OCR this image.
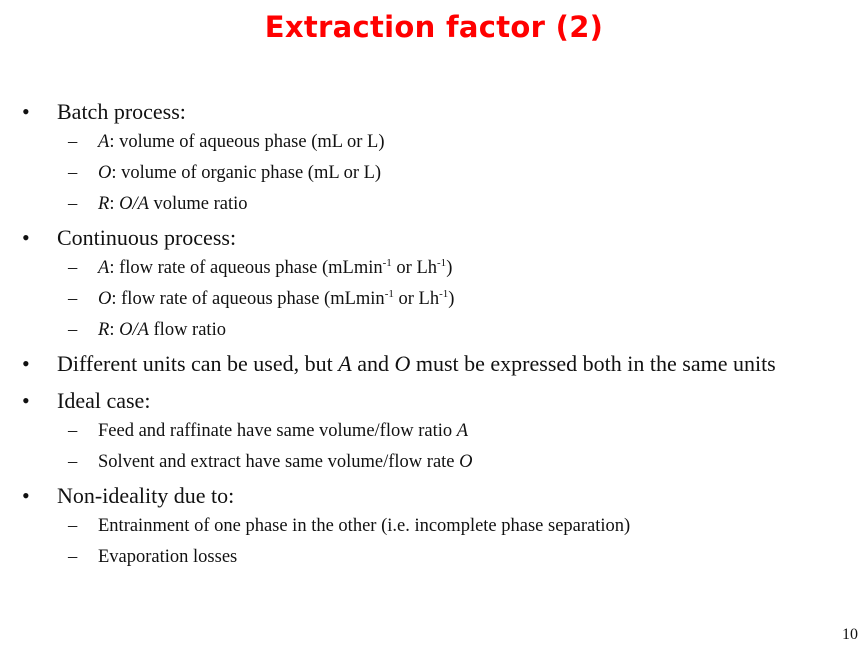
Extraction factor (2)
• Batch process:
– A: volume of aqueous phase (mL or L)
– O: volume of organic phase (mL or L)
– R: O/A volume ratio
• Continuous process:
– A: flow rate of aqueous phase (mLmin$^{-1}$ or $Lh^{-1}$)
– O: flow rate of aqueous phase (mLmin$^{-1}$ or $Lh^{-1}$)
– R: O/A flow ratio
• Different units can be used, but A and O must be expressed both in the same units
• Ideal case:
– Feed and raffinate have same volume/flow ratio A
– Solvent and extract have same volume/flow rate O
• Non-ideality due to:
– Entrainment of one phase in the other (i.e. incomplete phase separation)
– Evaporation losses
10
